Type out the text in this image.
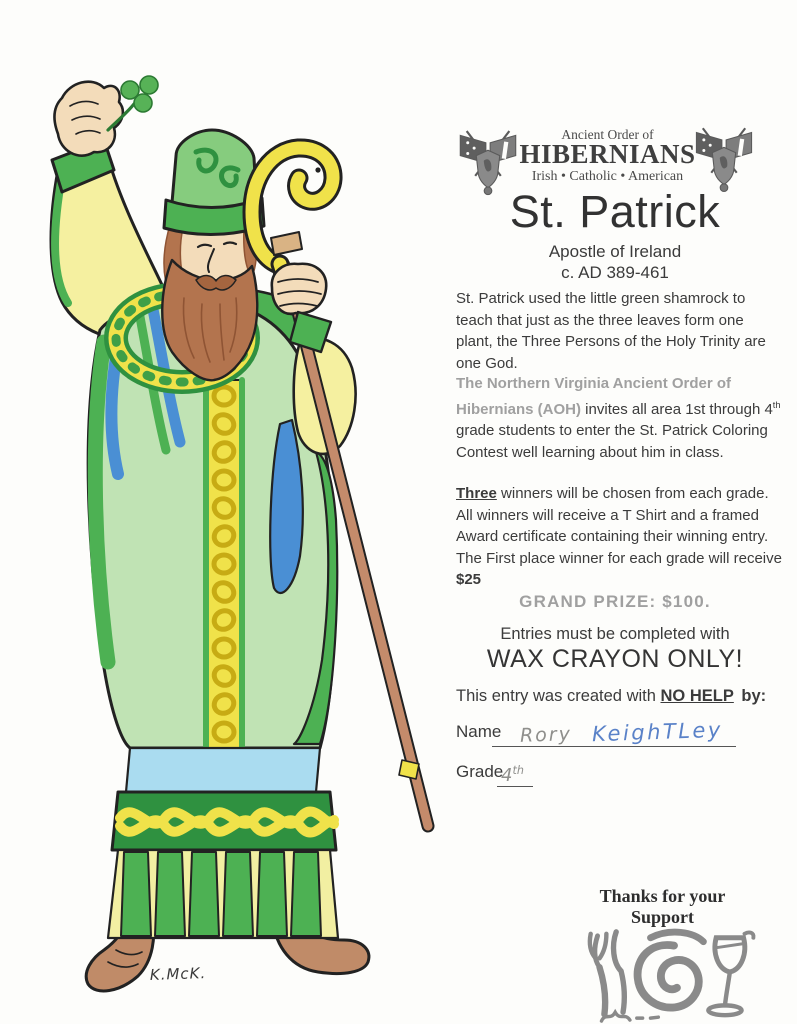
K.McK.
Ancient Order of
HIBERNIANS
Irish • Catholic • American
St. Patrick
Apostle of Ireland
c. AD 389-461
St. Patrick used the little green shamrock to teach that just as the three leaves form one plant, the Three Persons of the Holy Trinity are one God.
The Northern Virginia Ancient Order of Hibernians (AOH) invites all area 1st through 4th grade students to enter the St. Patrick Coloring Contest well learning about him in class.
Three winners will be chosen from each grade. All winners will receive a T Shirt and a framed Award certificate containing their winning entry. The First place winner for each grade will receive $25
GRAND PRIZE: $100.
Entries must be completed with
WAX CRAYON ONLY!
This entry was created with NO HELP by:
Name Rory KeighTLey
Grade
4th
Thanks for your
Support
